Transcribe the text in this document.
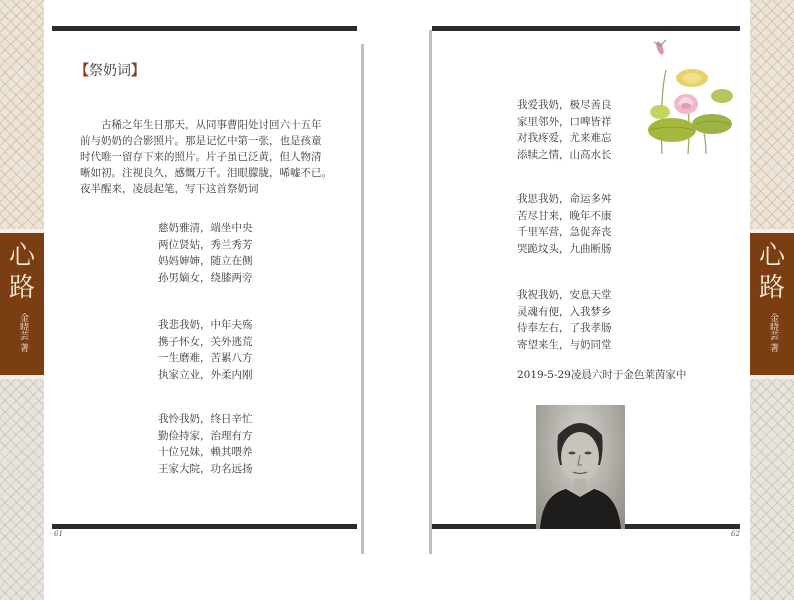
心
路
金晓芸 著
心
路
金晓芸 著
【祭奶词】

古稀之年生日那天，从同事曹阳处讨回六十五年

前与奶奶的合影照片。那是记忆中第一张，也是孩童

时代唯一留存下来的照片。片子虽已泛黄，但人物清

晰如初。注视良久，感慨万千。泪眼朦胧，唏嘘不已。

夜半醒来，凌晨起笔，写下这首祭奶词

慈奶雅清，端坐中央
两位贤姑，秀兰秀芳
妈妈婶婶，随立在侧
孙男嫡女，绕膝两旁
我悲我奶，中年夫殇
携子怀女，关外逃荒
一生磨难，苦累八方
执家立业，外柔内刚
我怜我奶，终日辛忙
勤俭持家，治理有方
十位兄妹，赖其喂养
王家大院，功名远扬
我爱我奶，极尽善良
家里邻外，口啤皆祥
对我疼爱，尤来难忘
添犊之情，山高水长
我思我奶，命运多舛
苦尽甘来，晚年不康
千里军营，急促奔丧
哭跪坟头，九曲断肠
我祝我奶，安息天堂
灵魂有便，入我梦乡
侍奉左右，了我孝肠
寄望来生，与奶同堂
2019-5-29凌晨六时于金色莱茵家中
61	62
